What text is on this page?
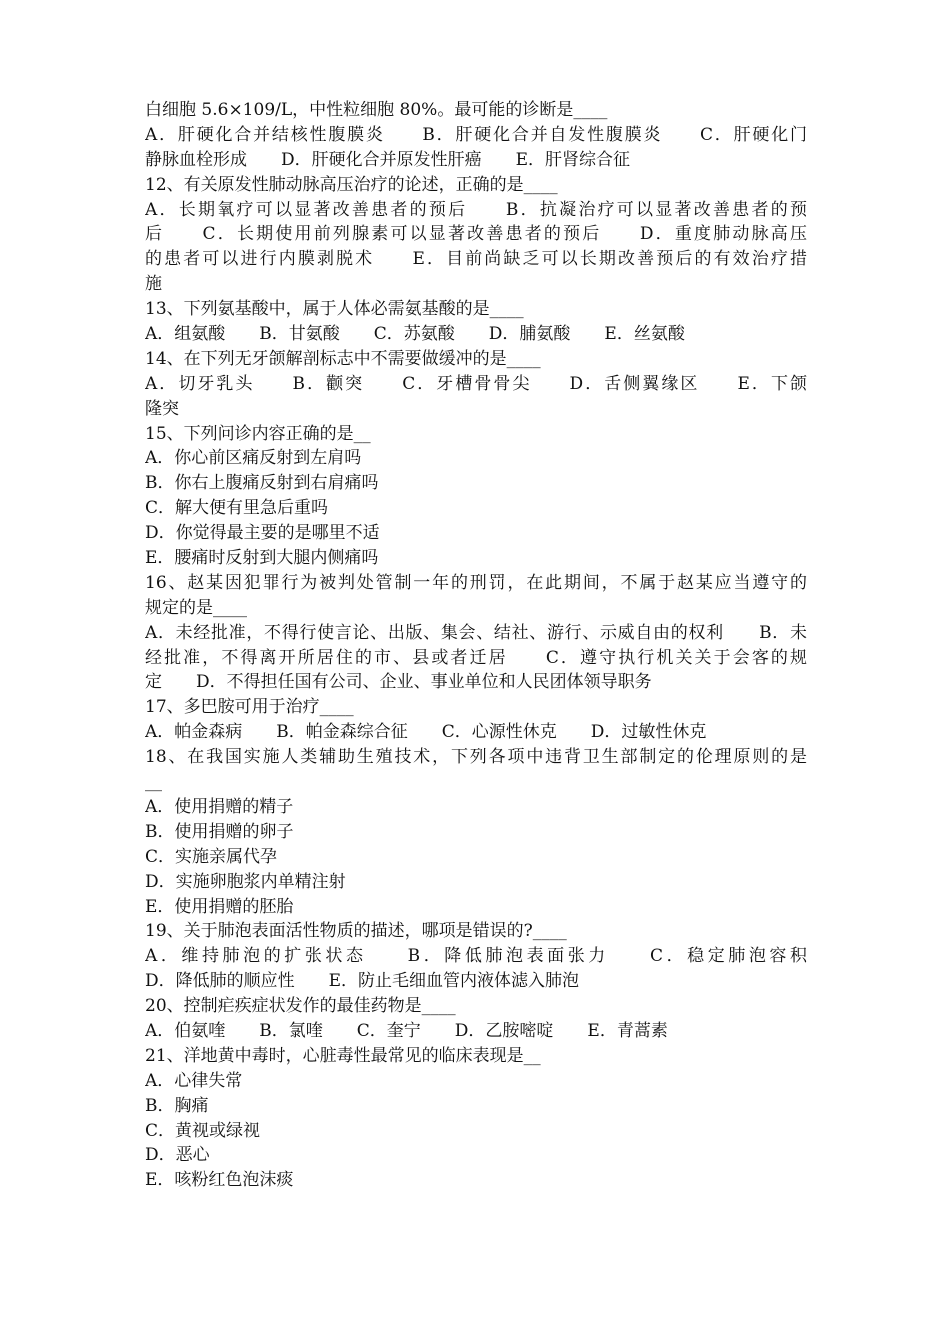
白细胞 5.6×109/L，中性粒细胞 80%。最可能的诊断是____
A．肝硬化合并结核性腹膜炎　　B．肝硬化合并自发性腹膜炎　　C．肝硬化门
静脉血栓形成　　D．肝硬化合并原发性肝癌　　E．肝肾综合征
12、有关原发性肺动脉高压治疗的论述，正确的是____
A．长期氧疗可以显著改善患者的预后　　B．抗凝治疗可以显著改善患者的预
后　　C．长期使用前列腺素可以显著改善患者的预后　　D．重度肺动脉高压
的患者可以进行内膜剥脱术　　E．目前尚缺乏可以长期改善预后的有效治疗措
施
13、下列氨基酸中，属于人体必需氨基酸的是____
A．组氨酸　　B．甘氨酸　　C．苏氨酸　　D．脯氨酸　　E．丝氨酸
14、在下列无牙颌解剖标志中不需要做缓冲的是____
A．切牙乳头　　B．颧突　　C．牙槽骨骨尖　　D．舌侧翼缘区　　E．下颌
隆突
15、下列问诊内容正确的是__
A．你心前区痛反射到左肩吗
B．你右上腹痛反射到右肩痛吗
C．解大便有里急后重吗
D．你觉得最主要的是哪里不适
E．腰痛时反射到大腿内侧痛吗
16、赵某因犯罪行为被判处管制一年的刑罚，在此期间，不属于赵某应当遵守的
规定的是____
A．未经批准，不得行使言论、出版、集会、结社、游行、示威自由的权利　　B．未
经批准，不得离开所居住的市、县或者迁居　　C．遵守执行机关关于会客的规
定　　D．不得担任国有公司、企业、事业单位和人民团体领导职务
17、多巴胺可用于治疗____
A．帕金森病　　B．帕金森综合征　　C．心源性休克　　D．过敏性休克
18、在我国实施人类辅助生殖技术，下列各项中违背卫生部制定的伦理原则的是
__
A．使用捐赠的精子
B．使用捐赠的卵子
C．实施亲属代孕
D．实施卵胞浆内单精注射
E．使用捐赠的胚胎
19、关于肺泡表面活性物质的描述，哪项是错误的?____
A．维持肺泡的扩张状态　　B．降低肺泡表面张力　　C．稳定肺泡容积
D．降低肺的顺应性　　E．防止毛细血管内液体滤入肺泡
20、控制疟疾症状发作的最佳药物是____
A．伯氨喹　　B．氯喹　　C．奎宁　　D．乙胺嘧啶　　E．青蒿素
21、洋地黄中毒时，心脏毒性最常见的临床表现是__
A．心律失常
B．胸痛
C．黄视或绿视
D．恶心
E．咳粉红色泡沫痰
